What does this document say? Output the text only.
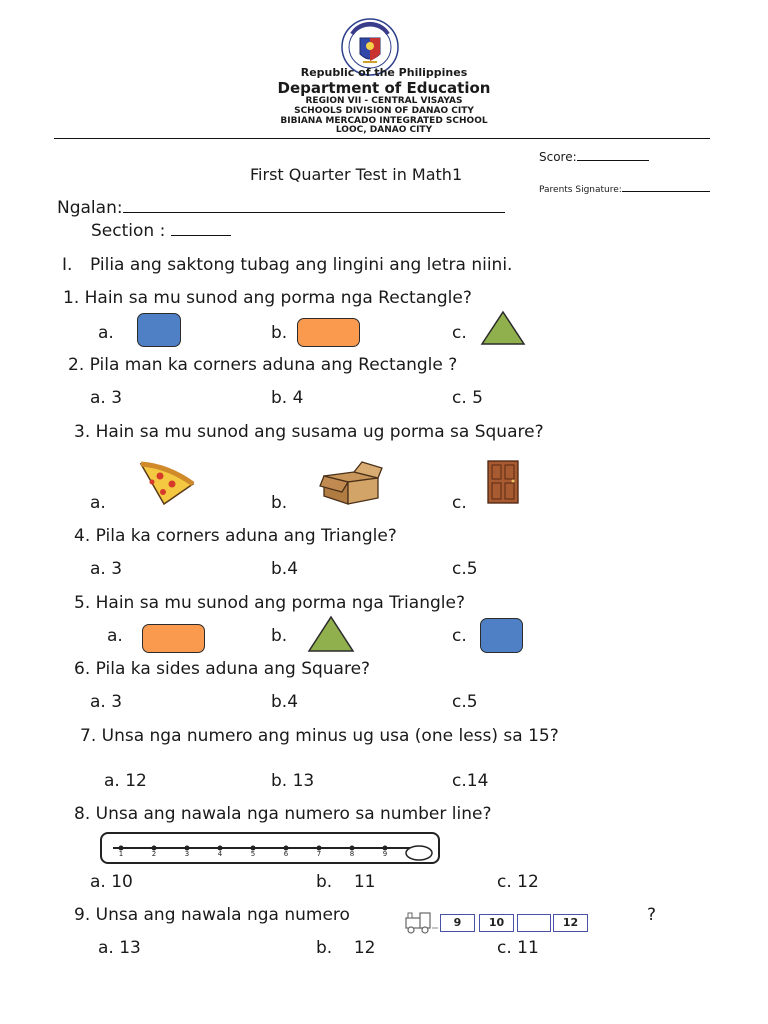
Republic of the Philippines
Department of Education
REGION VII - CENTRAL VISAYAS
SCHOOLS DIVISION OF DANAO CITY
BIBIANA MERCADO INTEGRATED SCHOOL
LOOC, DANAO CITY
First Quarter Test in Math1
Score:
Parents Signature:
Ngalan:
Section :
I. Pilia ang saktong tubag ang lingini ang letra niini.
1. Hain sa mu sunod ang porma nga Rectangle?
a.	b.	c.
2. Pila man ka corners aduna ang Rectangle ?
a. 3	b. 4	c. 5
3. Hain sa mu sunod ang susama ug porma sa Square?
a.	b.	c.
4. Pila ka corners aduna ang Triangle?
a. 3	b.4	c.5
5. Hain sa mu sunod ang porma nga Triangle?
a.	b.	c.
6. Pila ka sides aduna ang Square?
a. 3	b.4	c.5
7. Unsa nga numero ang minus ug usa (one less) sa 15?
a. 12	b. 13	c.14
8. Unsa ang nawala nga numero sa number line?
1	2	3	4	5	6	7	8	9
a. 10	b. 11	c. 12
9. Unsa ang nawala nga numero	9	10	12	?
a. 13	b. 12	c. 11
